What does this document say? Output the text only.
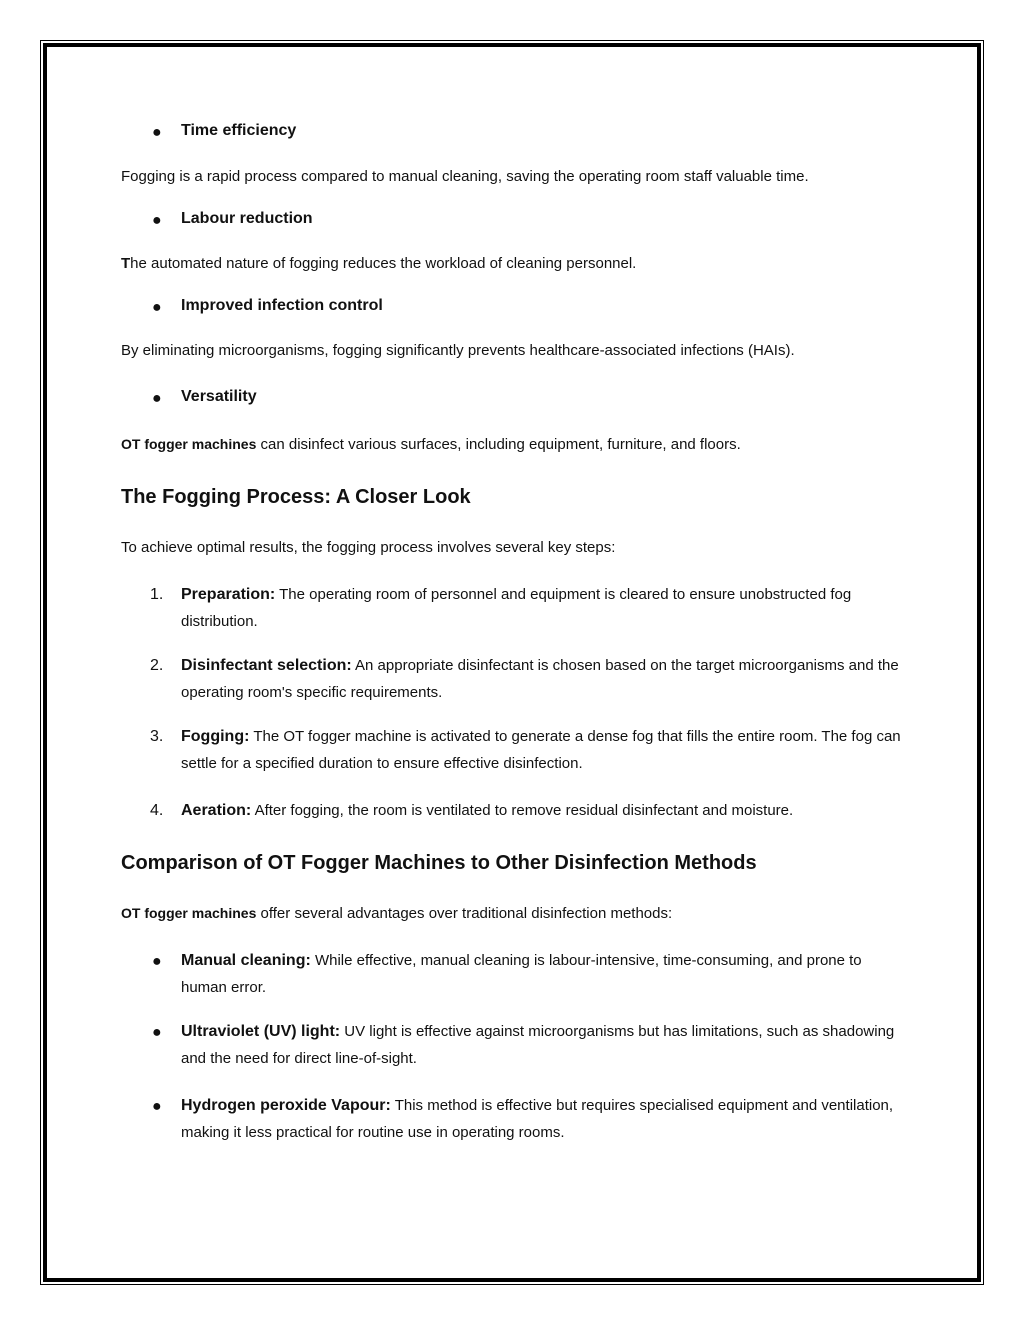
● Time efficiency
Fogging is a rapid process compared to manual cleaning, saving the operating room staff valuable time.
● Labour reduction
The automated nature of fogging reduces the workload of cleaning personnel.
● Improved infection control
By eliminating microorganisms, fogging significantly prevents healthcare-associated infections (HAIs).
● Versatility
OT fogger machines can disinfect various surfaces, including equipment, furniture, and floors.
The Fogging Process: A Closer Look
To achieve optimal results, the fogging process involves several key steps:
1. Preparation: The operating room of personnel and equipment is cleared to ensure unobstructed fog distribution.
2. Disinfectant selection: An appropriate disinfectant is chosen based on the target microorganisms and the operating room's specific requirements.
3. Fogging: The OT fogger machine is activated to generate a dense fog that fills the entire room. The fog can settle for a specified duration to ensure effective disinfection.
4. Aeration: After fogging, the room is ventilated to remove residual disinfectant and moisture.
Comparison of OT Fogger Machines to Other Disinfection Methods
OT fogger machines offer several advantages over traditional disinfection methods:
● Manual cleaning: While effective, manual cleaning is labour-intensive, time-consuming, and prone to human error.
● Ultraviolet (UV) light: UV light is effective against microorganisms but has limitations, such as shadowing and the need for direct line-of-sight.
● Hydrogen peroxide Vapour: This method is effective but requires specialised equipment and ventilation, making it less practical for routine use in operating rooms.
